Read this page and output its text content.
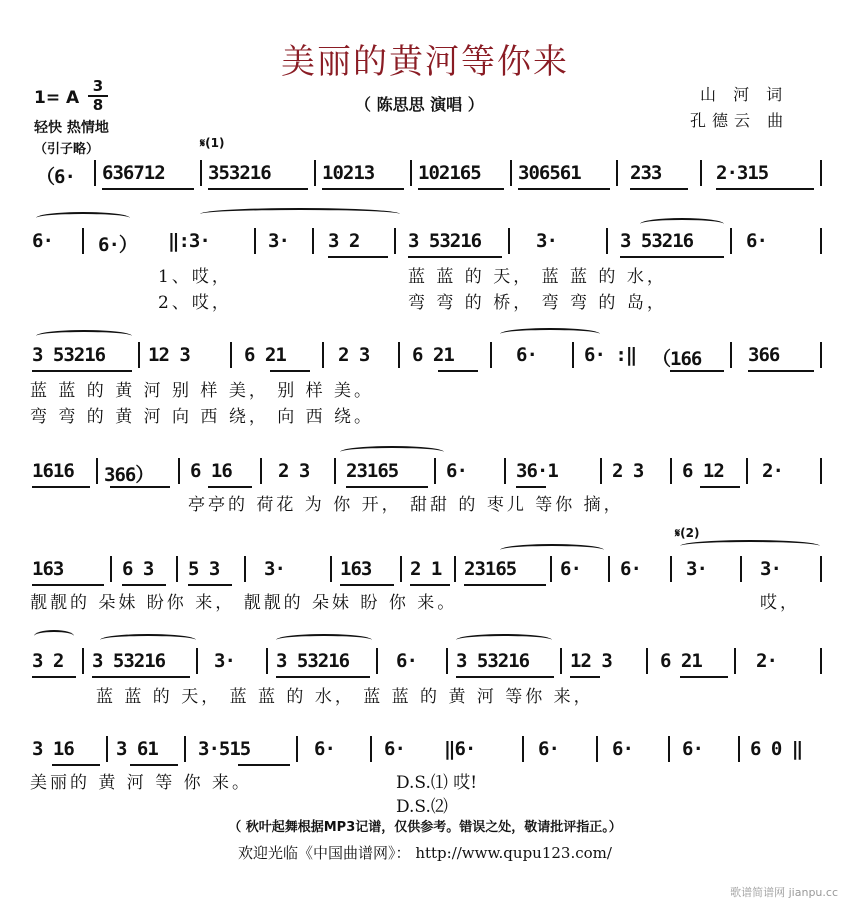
美丽的黄河等你来
（ 陈思思 演唱 ）
山 河 词
孔德云 曲
1= A
3
8
轻快 热情地
（引子略）	𝄋(1)
𝄋(2)
（6· 636712 353216	10213 102165 306561	233	2·315
6· 6·） ‖:3·	3· 3 2	3 53216	3·	3 53216	6·
1、哎，	蓝 蓝 的 天， 蓝 蓝 的 水，
2、哎，	弯 弯 的 桥， 弯 弯 的 岛，
3 53216 12 3	6 21	2 3 6 21	6· 6· :‖ （166 366
蓝 蓝 的 黄 河 别 样 美， 别 样 美。
弯 弯 的 黄 河 向 西 绕， 向 西 绕。
1616 366） 6 16 2 3 23165	6·	36·1	2 3 6 12 2·
亭亭的 荷花 为 你 开， 甜甜 的 枣儿 等你 摘，
163	6 3 5 3 3·	163 2 1 23165 6· 6· 3·	3·
靓靓的 朵妹 盼你 来， 靓靓的 朵妹 盼 你 来。	哎，
3 2 3 53216	3· 3 53216 6· 3 53216 12 3	6 21	2·
蓝 蓝 的 天， 蓝 蓝 的 水， 蓝 蓝 的 黄 河 等你 来，
3 16 3 61 3·515	6·	6· ‖6·	6·	6·	6· 6 0 ‖
美丽的 黄 河 等 你 来。	D.S.⑴ 哎!
D.S.⑵
（ 秋叶起舞根据MP3记谱，仅供参考。错误之处，敬请批评指正。）
欢迎光临《中国曲谱网》： http://www.qupu123.com/
歌谱简谱网 jianpu.cc
